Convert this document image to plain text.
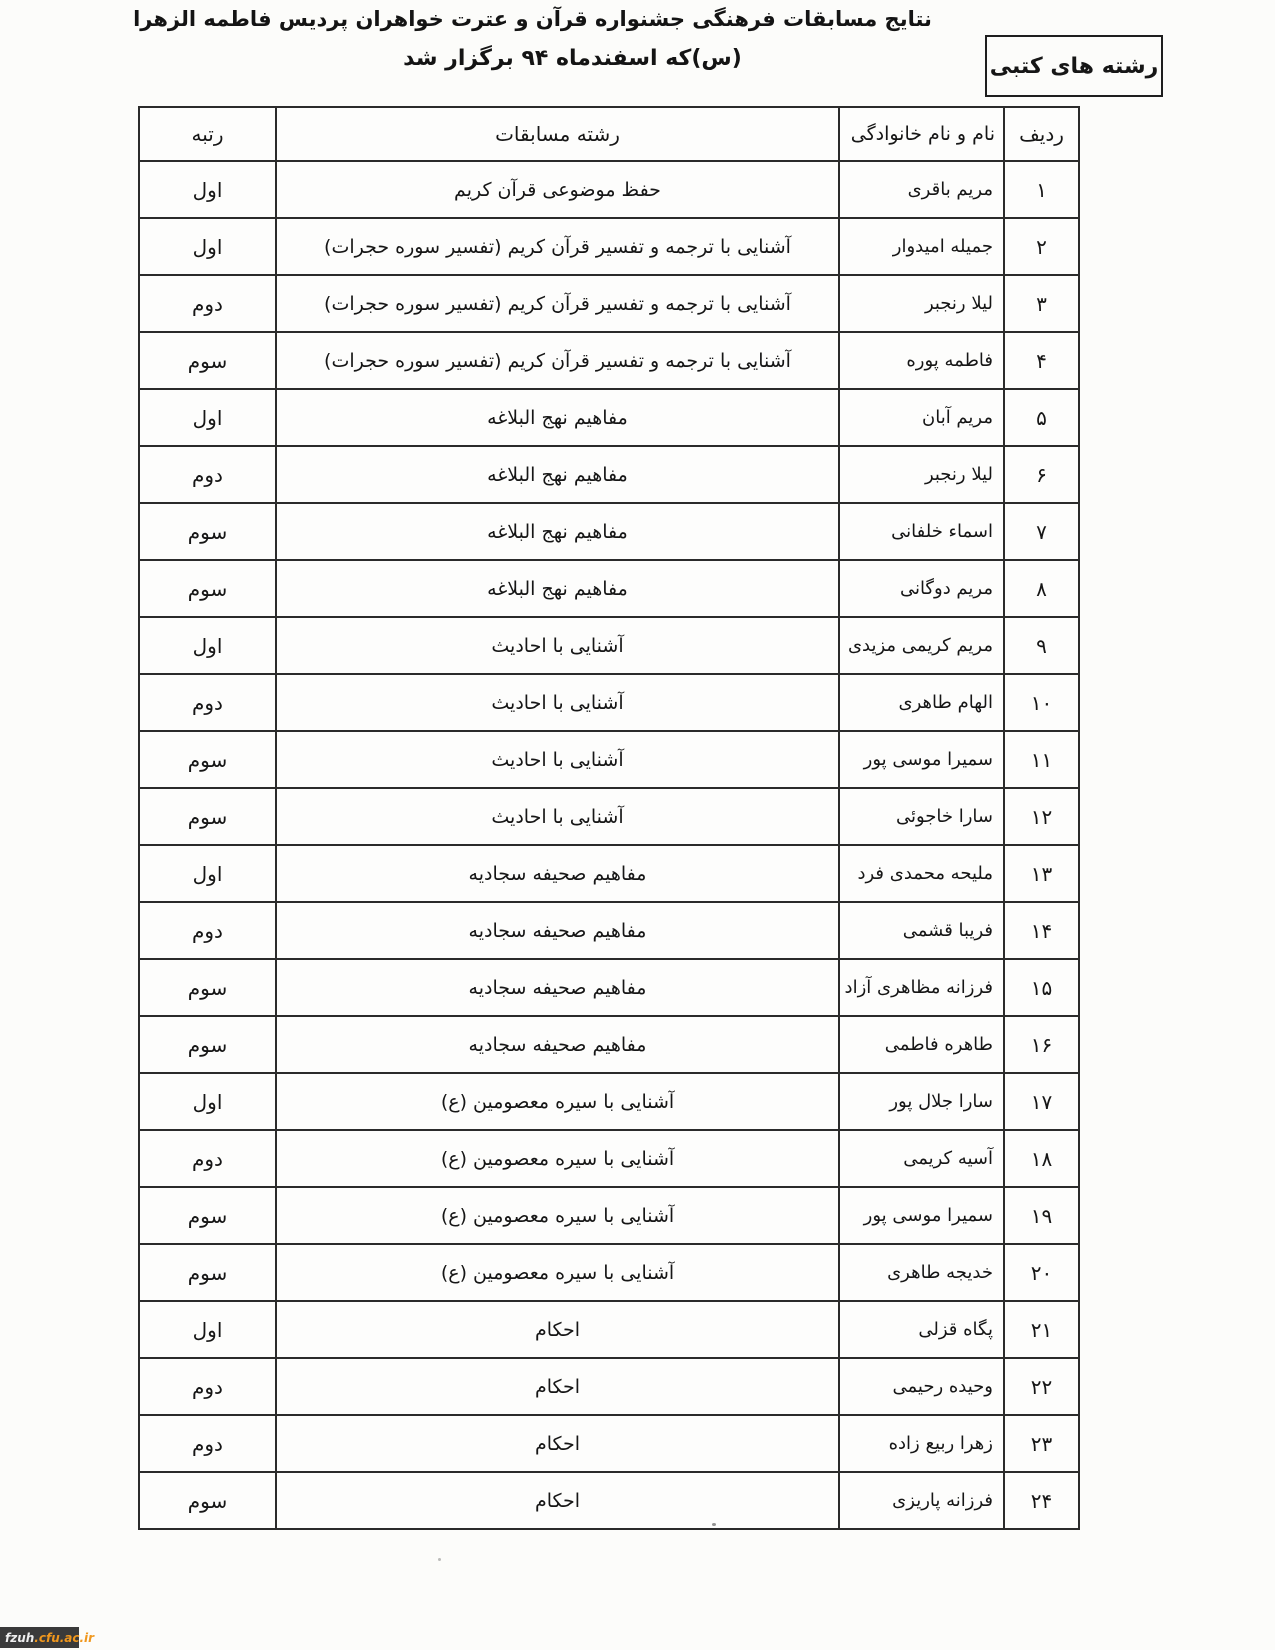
نتایج مسابقات فرهنگی جشنواره قرآن و عترت خواهران پردیس فاطمه الزهرا
(س)که اسفندماه ۹۴ برگزار شد	رشته های کتبی
ردیف	نام و نام خانوادگی	رشته مسابقات	رتبه
۱	مریم باقری	حفظ موضوعی قرآن کریم	اول
۲	جمیله امیدوار	آشنایی با ترجمه و تفسیر قرآن کریم (تفسیر سوره حجرات)	اول
۳	لیلا رنجبر	آشنایی با ترجمه و تفسیر قرآن کریم (تفسیر سوره حجرات)	دوم
۴	فاطمه پوره	آشنایی با ترجمه و تفسیر قرآن کریم (تفسیر سوره حجرات)	سوم
۵	مریم آبان	مفاهیم نهج البلاغه	اول
۶	لیلا رنجبر	مفاهیم نهج البلاغه	دوم
۷	اسماء خلفانی	مفاهیم نهج البلاغه	سوم
۸	مریم دوگانی	مفاهیم نهج البلاغه	سوم
۹	مریم کریمی مزیدی	آشنایی با احادیث	اول
۱۰	الهام طاهری	آشنایی با احادیث	دوم
۱۱	سمیرا موسی پور	آشنایی با احادیث	سوم
۱۲	سارا خاجوئی	آشنایی با احادیث	سوم
۱۳	ملیحه محمدی فرد	مفاهیم صحیفه سجادیه	اول
۱۴	فریبا قشمی	مفاهیم صحیفه سجادیه	دوم
۱۵	فرزانه مظاهری آزاد	مفاهیم صحیفه سجادیه	سوم
۱۶	طاهره فاطمی	مفاهیم صحیفه سجادیه	سوم
۱۷	سارا جلال پور	آشنایی با سیره معصومین (ع)	اول
۱۸	آسیه کریمی	آشنایی با سیره معصومین (ع)	دوم
۱۹	سمیرا موسی پور	آشنایی با سیره معصومین (ع)	سوم
۲۰	خدیجه طاهری	آشنایی با سیره معصومین (ع)	سوم
۲۱	پگاه قزلی	احکام	اول
۲۲	وحیده رحیمی	احکام	دوم
۲۳	زهرا ربیع زاده	احکام	دوم
۲۴	فرزانه پاریزی	احکام	سوم
fzuh .cfu.ac.ir
